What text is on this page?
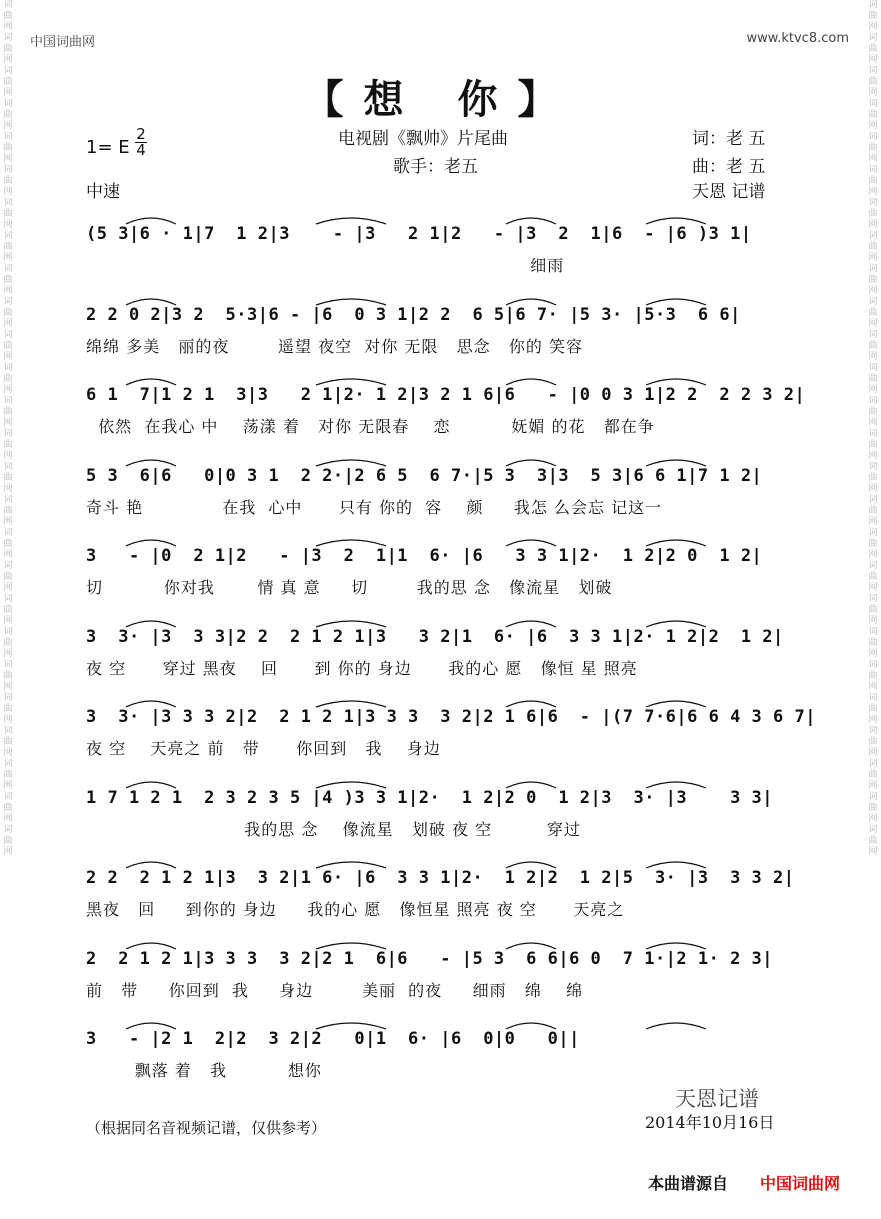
词曲网词曲网词曲网词曲网词曲网词曲网词曲网词曲网词曲网词曲网词曲网词曲网词曲网词曲网词曲网词曲网词曲网词曲网词曲网词曲网词曲网词曲网词曲网词曲网词曲网词曲网
词曲网词曲网词曲网词曲网词曲网词曲网词曲网词曲网词曲网词曲网词曲网词曲网词曲网词曲网词曲网词曲网词曲网词曲网词曲网词曲网词曲网词曲网词曲网词曲网词曲网词曲网
中国词曲网	www.ktvc8.com
【想 你】
1= E
2
4
中速
电视剧《飘帅》片尾曲
歌手：老五
词：老 五
曲：老 五
天恩 记谱
(5 3|6 · 1|7  1 2|3    - |3   2 1|2   - |3  2  1|6  - |6 )3 1|
细雨
2 2 0 2|3 2  5·3|6 - |6  0 3 1|2 2  6 5|6 7· |5 3· |5·3  6 6|
绵绵 多美   丽的夜        遥望 夜空  对你 无限   思念   你的 笑容
6 1  7|1 2 1  3|3   2 1|2· 1 2|3 2 1 6|6   - |0 0 3 1|2 2  2 2 3 2|
依然  在我心 中    荡漾 着   对你 无限春    恋          妩媚 的花   都在争
5 3  6|6   0|0 3 1  2 2·|2 6 5  6 7·|5 3  3|3  5 3|6 6 1|7 1 2|
奇斗 艳             在我  心中      只有 你的  容    颜     我怎 么会忘 记这一
3   - |0  2 1|2   - |3  2  1|1  6· |6   3 3 1|2·  1 2|2 0  1 2|
切          你对我       情 真 意     切        我的思 念   像流星   划破
3  3· |3  3 3|2 2  2 1 2 1|3   3 2|1  6· |6  3 3 1|2· 1 2|2  1 2|
夜 空      穿过 黑夜    回      到 你的 身边      我的心 愿   像恒 星 照亮
3  3· |3 3 3 2|2  2 1 2 1|3 3 3  3 2|2 1 6|6  - |(7 7·6|6 6 4 3 6 7|
夜 空    天亮之 前   带      你回到   我    身边
1 7 1 2 1  2 3 2 3 5 |4 )3 3 1|2·  1 2|2 0  1 2|3  3· |3    3 3|
我的思 念    像流星   划破 夜 空         穿过
2 2  2 1 2 1|3  3 2|1 6· |6  3 3 1|2·  1 2|2  1 2|5  3· |3  3 3 2|
黑夜   回     到你的 身边     我的心 愿   像恒星 照亮 夜 空      天亮之
2  2 1 2 1|3 3 3  3 2|2 1  6|6   - |5 3  6 6|6 0  7 1·|2 1· 2 3|
前   带     你回到  我     身边        美丽  的夜     细雨   绵    绵
3   - |2 1  2|2  3 2|2   0|1  6· |6  0|0   0||
飘落 着   我          想你
（根据同名音视频记谱，仅供参考）
天恩记谱
2014年10月16日
本曲谱源自 中国词曲网
